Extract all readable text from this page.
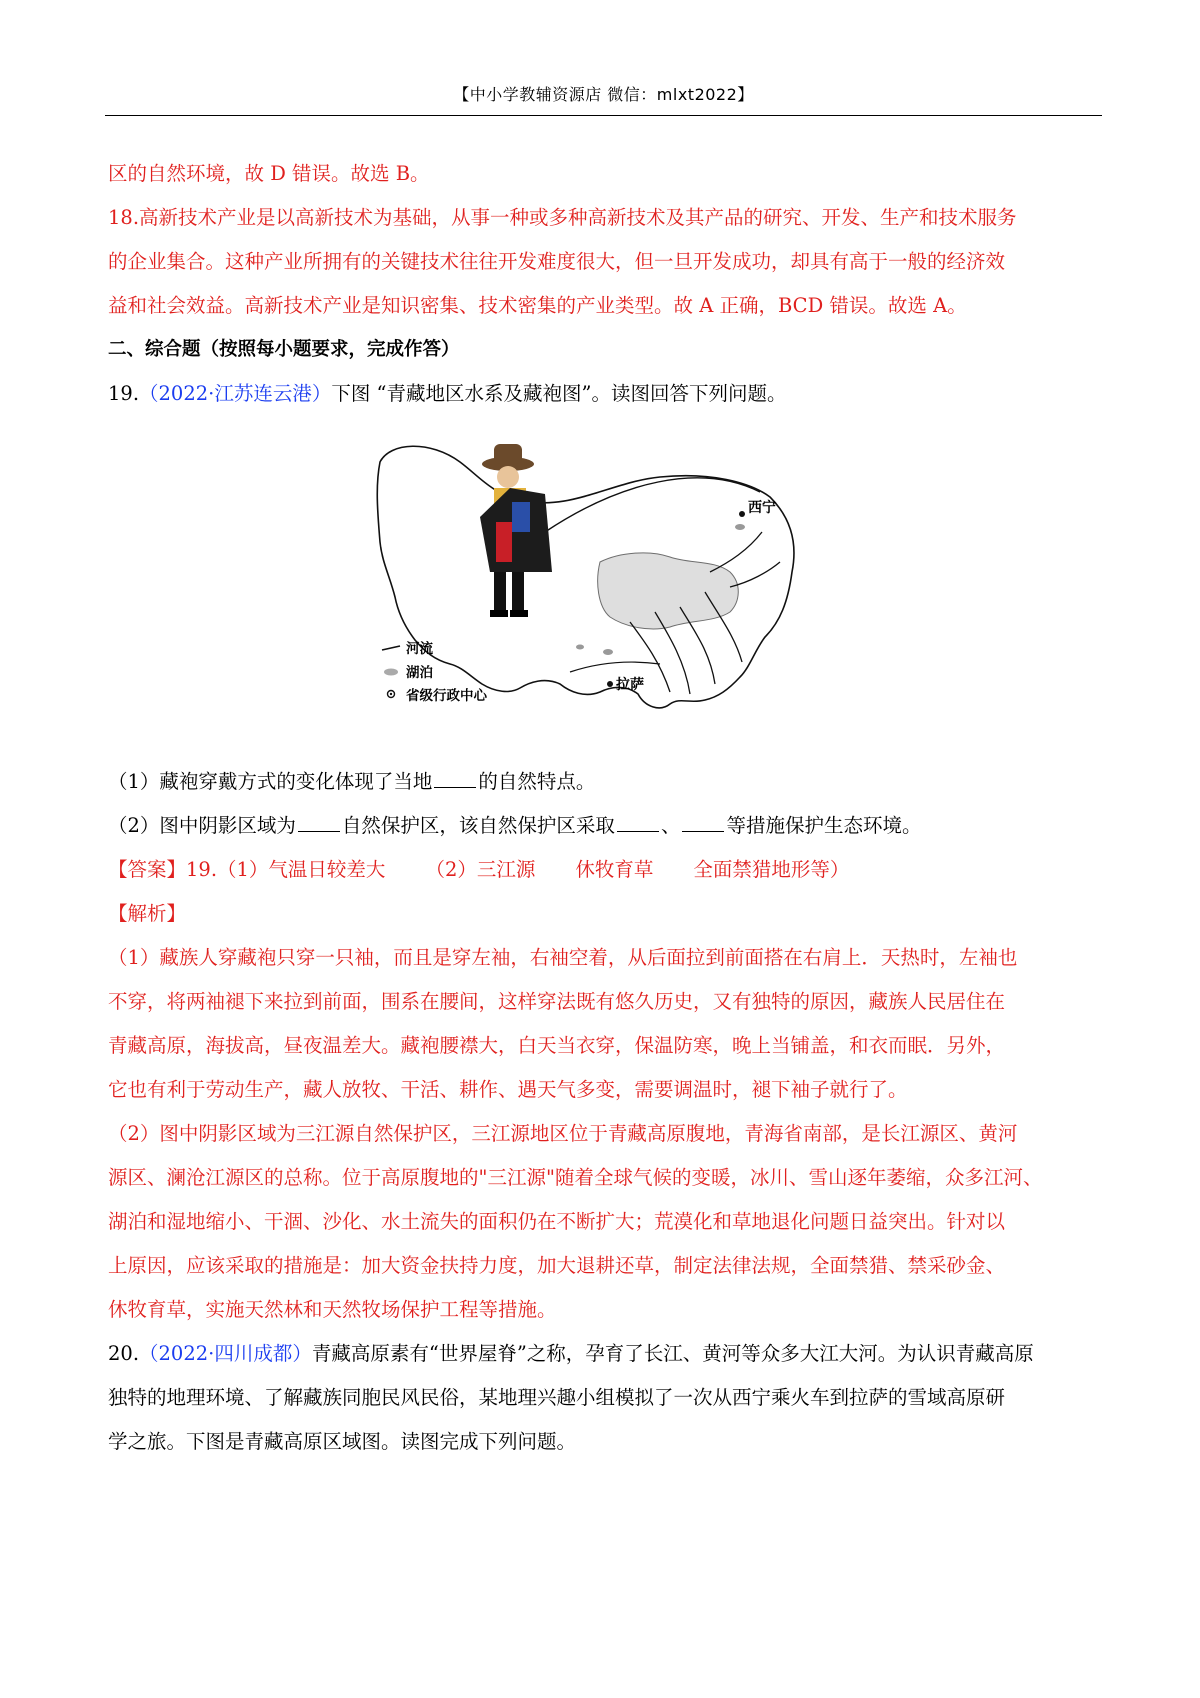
【中小学教辅资源店 微信：mlxt2022】

区的自然环境，故 D 错误。故选 B。

18.高新技术产业是以高新技术为基础，从事一种或多种高新技术及其产品的研究、开发、生产和技术服务

的企业集合。这种产业所拥有的关键技术往往开发难度很大，但一旦开发成功，却具有高于一般的经济效

益和社会效益。高新技术产业是知识密集、技术密集的产业类型。故 A 正确，BCD 错误。故选 A。

二、综合题（按照每小题要求，完成作答）

19.（2022·江苏连云港）下图 “青藏地区水系及藏袍图”。读图回答下列问题。

西宁
拉萨
河流
湖泊
省级行政中心

（1）藏袍穿戴方式的变化体现了当地 的自然特点。

（2）图中阴影区域为 自然保护区，该自然保护区采取 、 等措施保护生态环境。

【答案】19.（1）气温日较差大 （2）三江源 休牧育草 全面禁猎地形等）

【解析】

（1）藏族人穿藏袍只穿一只袖，而且是穿左袖，右袖空着，从后面拉到前面搭在右肩上．天热时，左袖也

不穿，将两袖褪下来拉到前面，围系在腰间，这样穿法既有悠久历史，又有独特的原因，藏族人民居住在

青藏高原，海拔高，昼夜温差大。藏袍腰襟大，白天当衣穿，保温防寒，晚上当铺盖，和衣而眠．另外，

它也有利于劳动生产，藏人放牧、干活、耕作、遇天气多变，需要调温时，褪下袖子就行了。

（2）图中阴影区域为三江源自然保护区，三江源地区位于青藏高原腹地，青海省南部，是长江源区、黄河

源区、澜沧江源区的总称。位于高原腹地的"三江源"随着全球气候的变暖，冰川、雪山逐年萎缩，众多江河、

湖泊和湿地缩小、干涸、沙化、水土流失的面积仍在不断扩大；荒漠化和草地退化问题日益突出。针对以

上原因，应该采取的措施是：加大资金扶持力度，加大退耕还草，制定法律法规，全面禁猎、禁采砂金、

休牧育草，实施天然林和天然牧场保护工程等措施。

20.（2022·四川成都）青藏高原素有“世界屋脊”之称，孕育了长江、黄河等众多大江大河。为认识青藏高原

独特的地理环境、了解藏族同胞民风民俗，某地理兴趣小组模拟了一次从西宁乘火车到拉萨的雪域高原研

学之旅。下图是青藏高原区域图。读图完成下列问题。
